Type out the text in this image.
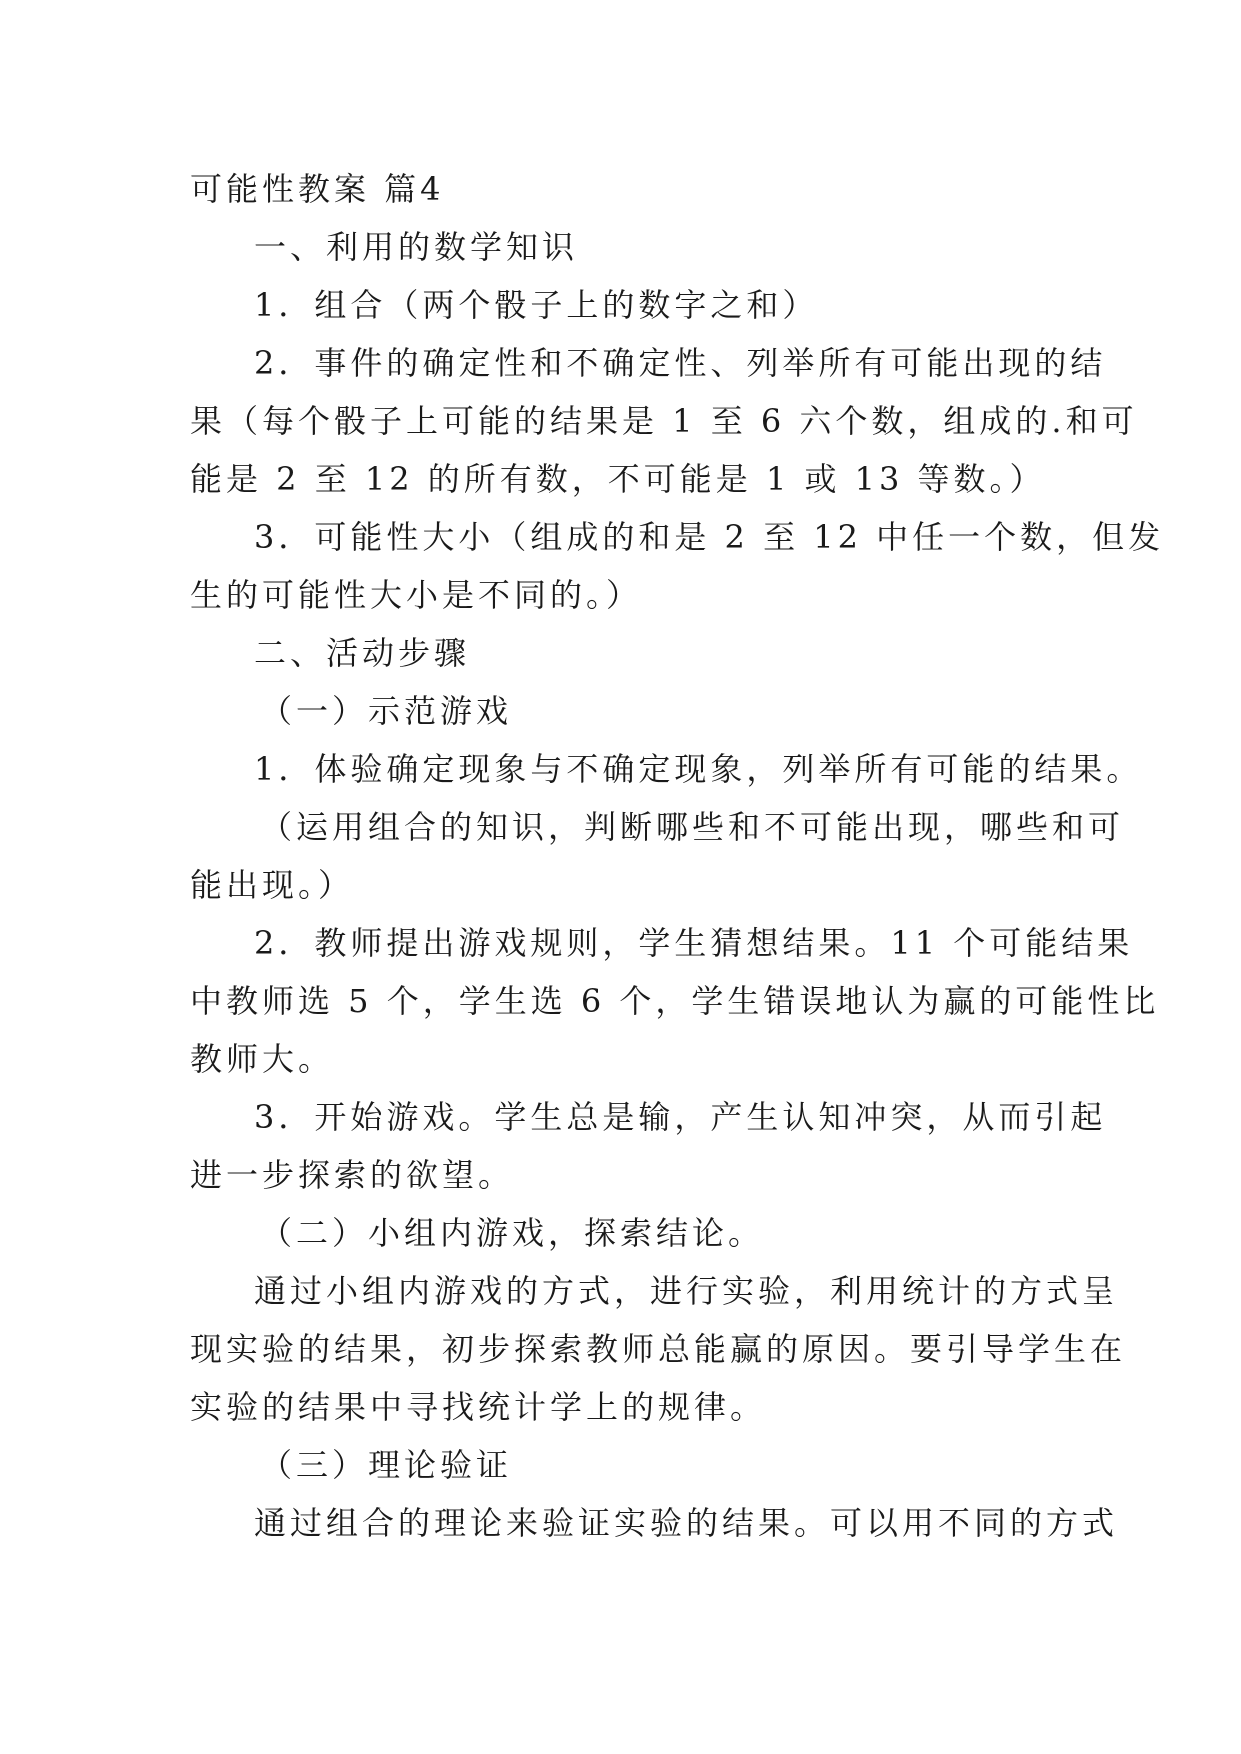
可能性教案 篇4
一、利用的数学知识
1．组合（两个骰子上的数字之和）
2．事件的确定性和不确定性、列举所有可能出现的结
果（每个骰子上可能的结果是 1 至 6 六个数，组成的.和可
能是 2 至 12 的所有数，不可能是 1 或 13 等数。）
3．可能性大小（组成的和是 2 至 12 中任一个数，但发
生的可能性大小是不同的。）
二、活动步骤
（一）示范游戏
1．体验确定现象与不确定现象，列举所有可能的结果。
（运用组合的知识，判断哪些和不可能出现，哪些和可
能出现。）
2．教师提出游戏规则，学生猜想结果。11 个可能结果
中教师选 5 个，学生选 6 个，学生错误地认为赢的可能性比
教师大。
3．开始游戏。学生总是输，产生认知冲突，从而引起
进一步探索的欲望。
（二）小组内游戏，探索结论。
通过小组内游戏的方式，进行实验，利用统计的方式呈
现实验的结果，初步探索教师总能赢的原因。要引导学生在
实验的结果中寻找统计学上的规律。
（三）理论验证
通过组合的理论来验证实验的结果。可以用不同的方式
